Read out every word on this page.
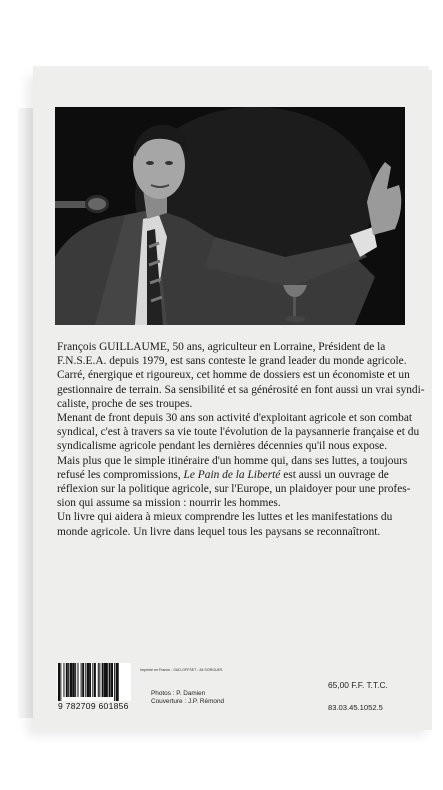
François GUILLAUME, 50 ans, agriculteur en Lorraine, Président de la
F.N.S.E.A. depuis 1979, est sans conteste le grand leader du monde agricole.
Carré, énergique et rigoureux, cet homme de dossiers est un économiste et un
gestionnaire de terrain. Sa sensibilité et sa générosité en font aussi un vrai syndi-
caliste, proche de ses troupes.

Menant de front depuis 30 ans son activité d'exploitant agricole et son combat
syndical, c'est à travers sa vie toute l'évolution de la paysannerie française et du
syndicalisme agricole pendant les dernières décennies qu'il nous expose.

Mais plus que le simple itinéraire d'un homme qui, dans ses luttes, a toujours
refusé les compromissions, Le Pain de la Liberté est aussi un ouvrage de
réflexion sur la politique agricole, sur l'Europe, un plaidoyer pour une profes-
sion qui assume sa mission : nourrir les hommes.

Un livre qui aidera à mieux comprendre les luttes et les manifestations du
monde agricole. Un livre dans lequel tous les paysans se reconnaîtront.

9 782709 601856
Imprimé en France - SUD-OFFSET - 84 SORGUES
Photos : P. Damien
Couverture : J.P. Rémond
65,00 F.F. T.T.C.
83.03.45.1052.5
